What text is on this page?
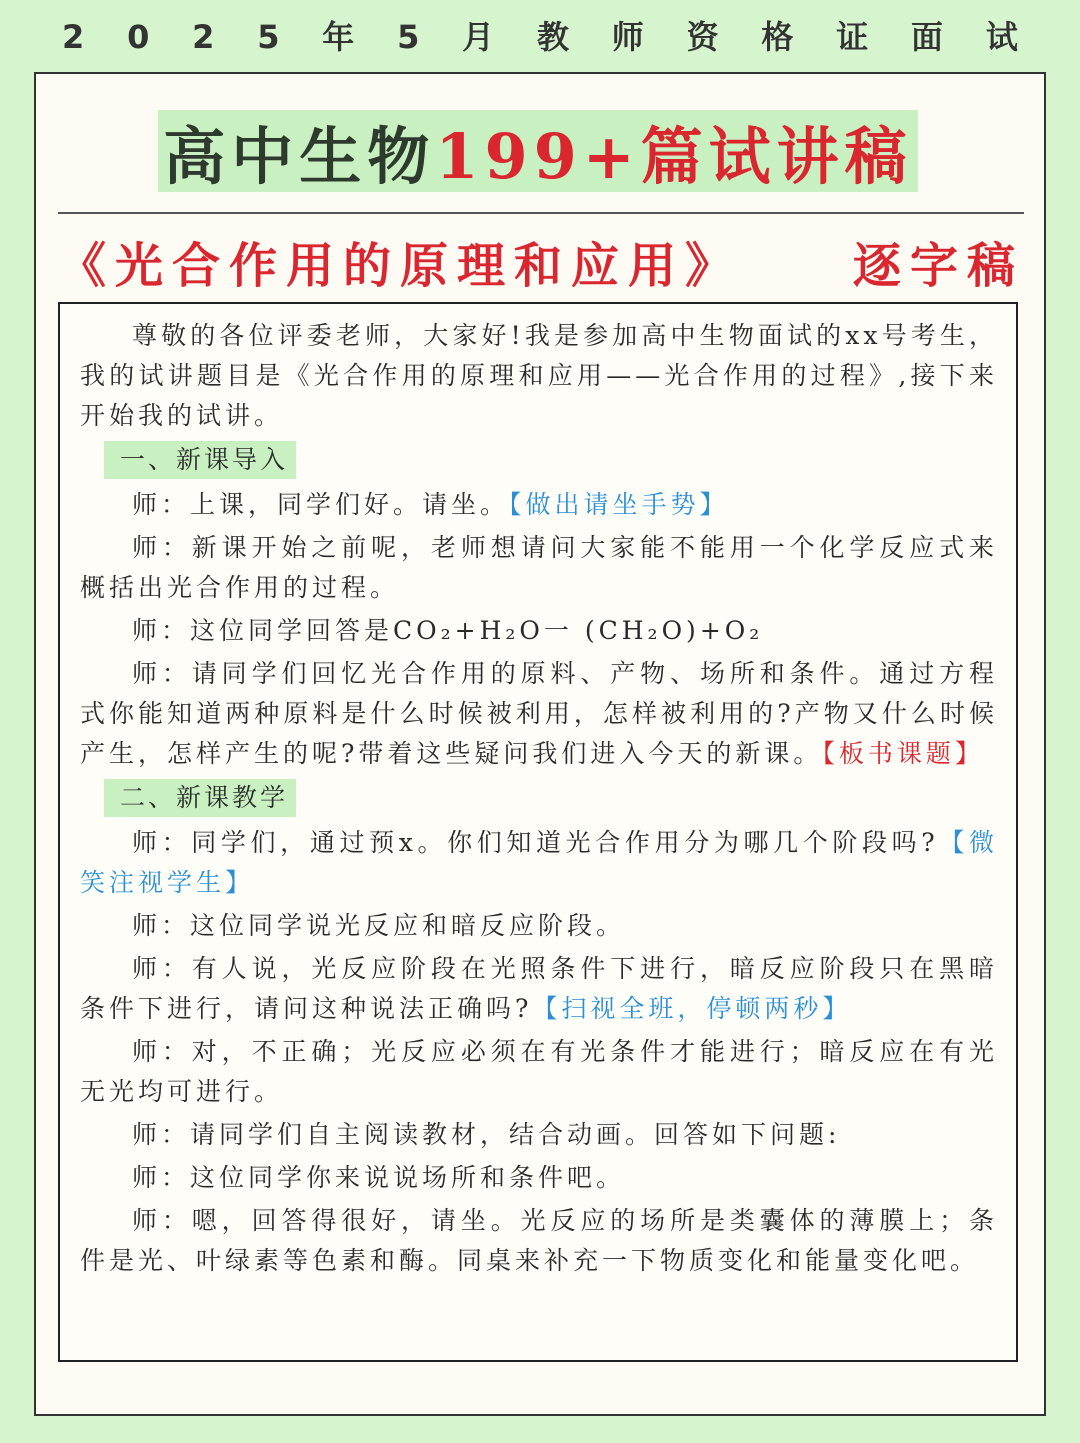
2 0 2 5 年 5 月 教 师 资 格 证 面 试
高中生物 199+篇试讲稿
《光合作用的原理和应用》 逐字稿

尊敬的各位评委老师，大家好!我是参加高中生物面试的xx号考生，我的试讲题目是《光合作用的原理和应用——光合作用的过程》,接下来开始我的试讲。

一、新课导入

师：上课，同学们好。请坐。【做出请坐手势】

师：新课开始之前呢，老师想请问大家能不能用一个化学反应式来概括出光合作用的过程。

师：这位同学回答是CO₂+H₂O一 (CH₂O)+O₂

师：请同学们回忆光合作用的原料、产物、场所和条件。通过方程式你能知道两种原料是什么时候被利用，怎样被利用的?产物又什么时候产生，怎样产生的呢?带着这些疑问我们进入今天的新课。【板书课题】

二、新课教学

师：同学们，通过预x。你们知道光合作用分为哪几个阶段吗?【微笑注视学生】

师：这位同学说光反应和暗反应阶段。

师：有人说，光反应阶段在光照条件下进行，暗反应阶段只在黑暗条件下进行，请问这种说法正确吗?【扫视全班，停顿两秒】

师：对，不正确；光反应必须在有光条件才能进行；暗反应在有光无光均可进行。

师：请同学们自主阅读教材，结合动画。回答如下问题:

师：这位同学你来说说场所和条件吧。

师：嗯，回答得很好，请坐。光反应的场所是类囊体的薄膜上；条件是光、叶绿素等色素和酶。同桌来补充一下物质变化和能量变化吧。
